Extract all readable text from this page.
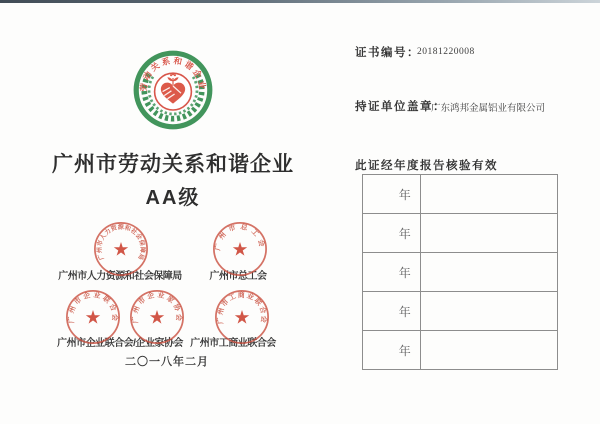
劳动关系和谐企业
广州市劳动关系和谐企业
AA级
广州市人力资源和社会保障局
广州市总工会
广州市人力资源和社会保障局	广州市总工会
广州市企业联合会 广州市企业家协会	广州市工商业联合会
广州市企业联合会/企业家协会 广州市工商业联合会
二〇一八年二月
证书编号：
20181220008
持证单位盖章：
广东鸿邦金属铝业有限公司
此证经年度报告核验有效
年	
年	
年	
年	
年	
